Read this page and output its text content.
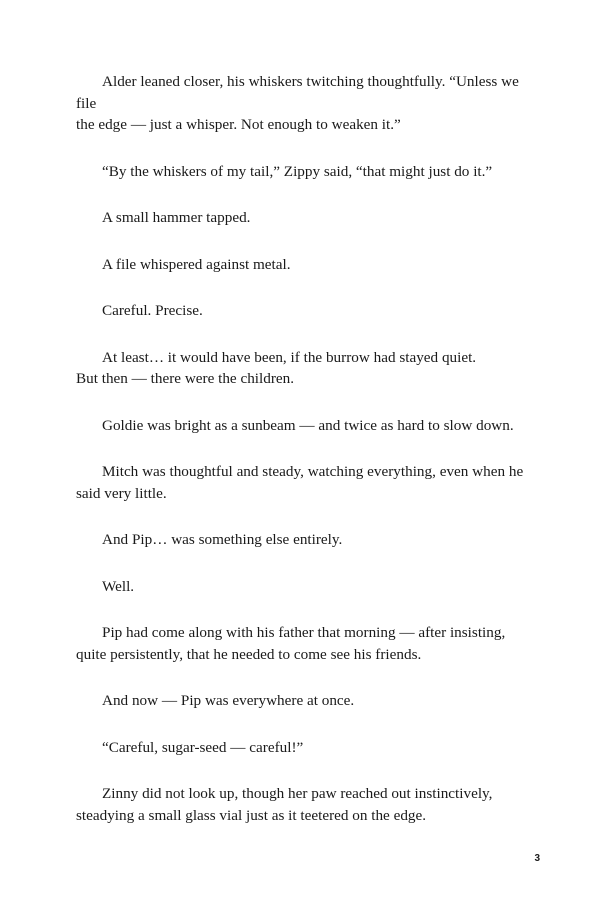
Alder leaned closer, his whiskers twitching thoughtfully. “Unless we file
the edge — just a whisper. Not enough to weaken it.”

“By the whiskers of my tail,” Zippy said, “that might just do it.”

A small hammer tapped.

A file whispered against metal.

Careful. Precise.

At least… it would have been, if the burrow had stayed quiet.
But then — there were the children.

Goldie was bright as a sunbeam — and twice as hard to slow down.

Mitch was thoughtful and steady, watching everything, even when he
said very little.

And Pip… was something else entirely.

Well.

Pip had come along with his father that morning — after insisting,
quite persistently, that he needed to come see his friends.

And now — Pip was everywhere at once.

“Careful, sugar-seed — careful!”

Zinny did not look up, though her paw reached out instinctively,
steadying a small glass vial just as it teetered on the edge.

3
